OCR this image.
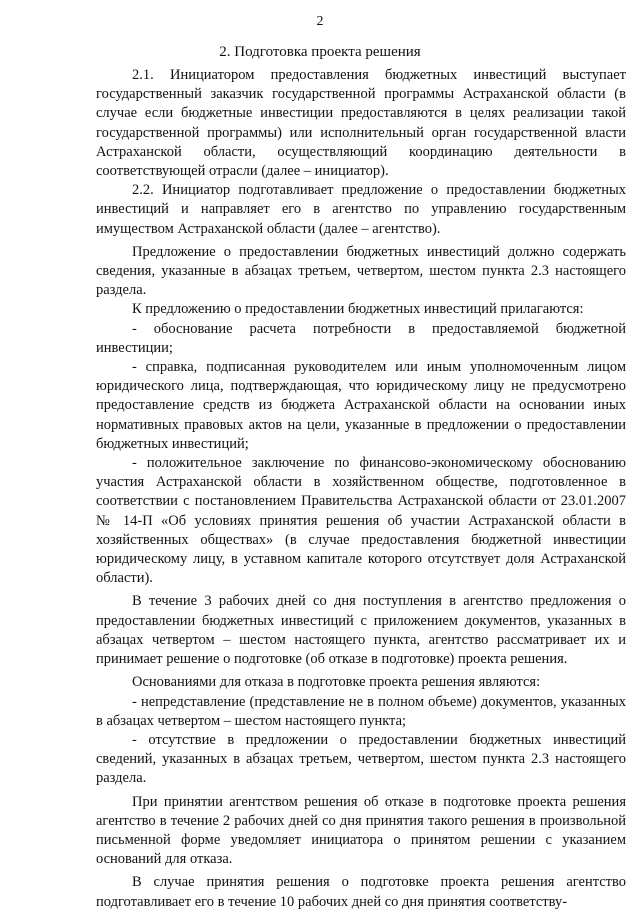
2
2. Подготовка проекта решения

2.1. Инициатором предоставления бюджетных инвестиций выступает государственный заказчик государственной программы Астраханской области (в случае если бюджетные инвестиции предоставляются в целях реализации такой государственной программы) или исполнительный орган государственной власти Астраханской области, осуществляющий координацию деятельности в соответствующей отрасли (далее – инициатор).

2.2. Инициатор подготавливает предложение о предоставлении бюджетных инвестиций и направляет его в агентство по управлению государственным имуществом Астраханской области (далее – агентство).

Предложение о предоставлении бюджетных инвестиций должно содержать сведения, указанные в абзацах третьем, четвертом, шестом пункта 2.3 настоящего раздела.

К предложению о предоставлении бюджетных инвестиций прилагаются:

- обоснование расчета потребности в предоставляемой бюджетной инвестиции;

- справка, подписанная руководителем или иным уполномоченным лицом юридического лица, подтверждающая, что юридическому лицу не предусмотрено предоставление средств из бюджета Астраханской области на основании иных нормативных правовых актов на цели, указанные в предложении о предоставлении бюджетных инвестиций;

- положительное заключение по финансово-экономическому обоснованию участия Астраханской области в хозяйственном обществе, подготовленное в соответствии с постановлением Правительства Астраханской области от 23.01.2007 № 14-П «Об условиях принятия решения об участии Астраханской области в хозяйственных обществах» (в случае предоставления бюджетной инвестиции юридическому лицу, в уставном капитале которого отсутствует доля Астраханской области).

В течение 3 рабочих дней со дня поступления в агентство предложения о предоставлении бюджетных инвестиций с приложением документов, указанных в абзацах четвертом – шестом настоящего пункта, агентство рассматривает их и принимает решение о подготовке (об отказе в подготовке) проекта решения.

Основаниями для отказа в подготовке проекта решения являются:

- непредставление (представление не в полном объеме) документов, указанных в абзацах четвертом – шестом настоящего пункта;

- отсутствие в предложении о предоставлении бюджетных инвестиций сведений, указанных в абзацах третьем, четвертом, шестом пункта 2.3 настоящего раздела.

При принятии агентством решения об отказе в подготовке проекта решения агентство в течение 2 рабочих дней со дня принятия такого решения в произвольной письменной форме уведомляет инициатора о принятом решении с указанием оснований для отказа.

В случае принятия решения о подготовке проекта решения агентство подготавливает его в течение 10 рабочих дней со дня принятия соответству-
